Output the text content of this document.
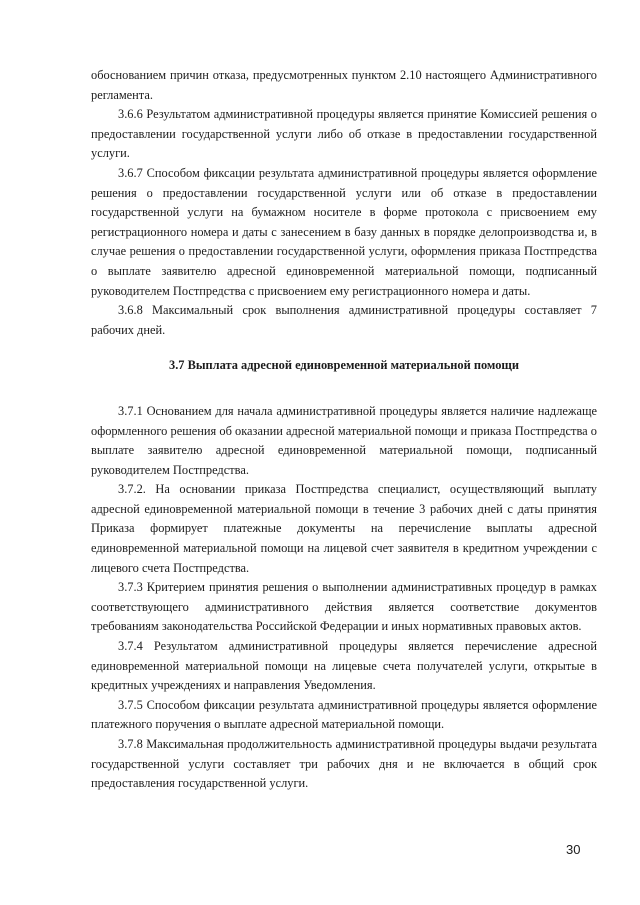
обоснованием причин отказа, предусмотренных пунктом 2.10 настоящего Административного регламента.

3.6.6 Результатом административной процедуры является принятие Комиссией решения о предоставлении государственной услуги либо об отказе в предоставлении государственной услуги.

3.6.7 Способом фиксации результата административной процедуры является оформление решения о предоставлении государственной услуги или об отказе в предоставлении государственной услуги на бумажном носителе в форме протокола с присвоением ему регистрационного номера и даты с занесением в базу данных в порядке делопроизводства и, в случае решения о предоставлении государственной услуги, оформления приказа Постпредства о выплате заявителю адресной единовременной материальной помощи, подписанный руководителем Постпредства с присвоением ему регистрационного номера и даты.

3.6.8 Максимальный срок выполнения административной процедуры составляет 7 рабочих дней.

3.7 Выплата адресной единовременной материальной помощи

3.7.1 Основанием для начала административной процедуры является наличие надлежаще оформленного решения об оказании адресной материальной помощи и приказа Постпредства о выплате заявителю адресной единовременной материальной помощи, подписанный руководителем Постпредства.

3.7.2. На основании приказа Постпредства специалист, осуществляющий выплату адресной единовременной материальной помощи в течение 3 рабочих дней с даты принятия Приказа формирует платежные документы на перечисление выплаты адресной единовременной материальной помощи на лицевой счет заявителя в кредитном учреждении с лицевого счета Постпредства.

3.7.3 Критерием принятия решения о выполнении административных процедур в рамках соответствующего административного действия является соответствие документов требованиям законодательства Российской Федерации и иных нормативных правовых актов.

3.7.4 Результатом административной процедуры является перечисление адресной единовременной материальной помощи на лицевые счета получателей услуги, открытые в кредитных учреждениях и направления Уведомления.

3.7.5 Способом фиксации результата административной процедуры является оформление платежного поручения о выплате адресной материальной помощи.

3.7.8 Максимальная продолжительность административной процедуры выдачи результата государственной услуги составляет три рабочих дня и не включается в общий срок предоставления государственной услуги.

30
